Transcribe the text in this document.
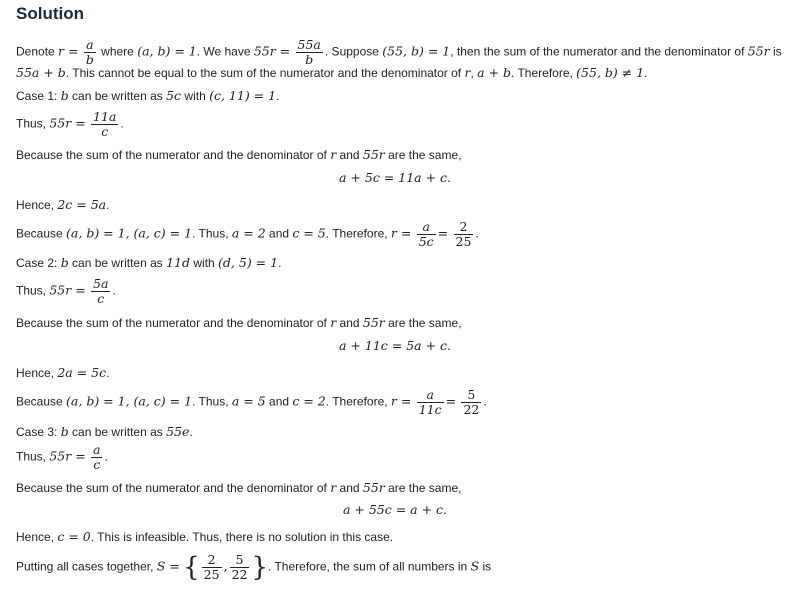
Solution
Denote $r = \frac{a}{b}$ where (a, b) = 1. We have $55r = \frac{55a}{b}$ . Suppose (55, b) = 1, then the sum of the numerator and the denominator of 55r is
55a + b. This cannot be equal to the sum of the numerator and the denominator of r, a + b. Therefore, (55, b) ≠ 1.
Case 1: b can be written as 5c with (c, 11) = 1.
Thus, $55r = \frac{11a}{c}$ .
Because the sum of the numerator and the denominator of r and 55r are the same,
a + 5c = 11a + c.
Hence, 2c = 5a.
Because (a, b) = 1, (a, c) = 1. Thus, a = 2 and c = 5. Therefore, $r = \frac{a}{5c} = \frac{2}{25}$ .
Case 2: b can be written as 11d with (d, 5) = 1.
Thus, $55r = \frac{5a}{c}$ .
Because the sum of the numerator and the denominator of r and 55r are the same,
a + 11c = 5a + c.
Hence, 2a = 5c.
Because (a, b) = 1, (a, c) = 1. Thus, a = 5 and c = 2. Therefore, $r = \frac{a}{11c} = \frac{5}{22}$ .
Case 3: b can be written as 55e.
Thus, $55r = \frac{a}{c}$ .
Because the sum of the numerator and the denominator of r and 55r are the same,
a + 55c = a + c.
Hence, c = 0. This is infeasible. Thus, there is no solution in this case.
Putting all cases together, S = { $\frac{2}{25}$ , $\frac{5}{22}$ }. Therefore, the sum of all numbers in S is
